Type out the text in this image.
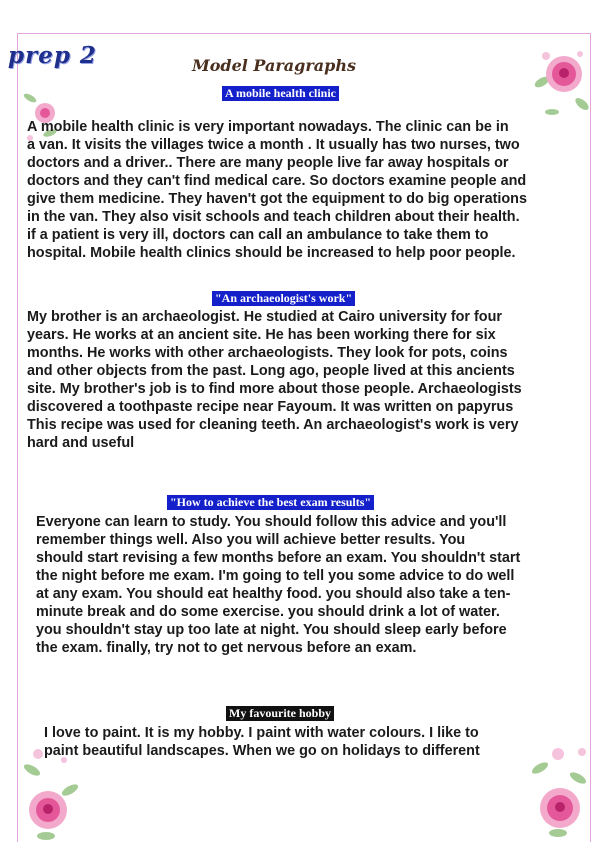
prep 2	Model Paragraphs
A mobile health clinic
A mobile health clinic is very important nowadays. The clinic can be in
a van. It visits the villages twice a month . It usually has two nurses, two
doctors and a driver.. There are many people live far away hospitals or
doctors and they can't find medical care. So doctors examine people and
give them medicine. They haven't got the equipment to do big operations
in the van. They also visit schools and teach children about their health.
if a patient is very ill, doctors can call an ambulance to take them to
hospital. Mobile health clinics should be increased to help poor people.
"An archaeologist's work"
My brother is an archaeologist. He studied at Cairo university for four
years. He works at an ancient site. He has been working there for six
months. He works with other archaeologists. They look for pots, coins
and other objects from the past. Long ago, people lived at this ancients
site. My brother's job is to find more about those people. Archaeologists
discovered a toothpaste recipe near Fayoum. It was written on papyrus
This recipe was used for cleaning teeth. An archaeologist's work is very
hard and useful
"How to achieve the best exam results"
Everyone can learn to study. You should follow this advice and you'll
remember things well. Also you will achieve better results. You
should start revising a few months before an exam. You shouldn't start
the night before me exam. I'm going to tell you some advice to do well
at any exam. You should eat healthy food. you should also take a ten-
minute break and do some exercise. you should drink a lot of water.
you shouldn't stay up too late at night. You should sleep early before
the exam. finally, try not to get nervous before an exam.
My favourite hobby
I love to paint. It is my hobby. I paint with water colours. I like to
paint beautiful landscapes. When we go on holidays to different
